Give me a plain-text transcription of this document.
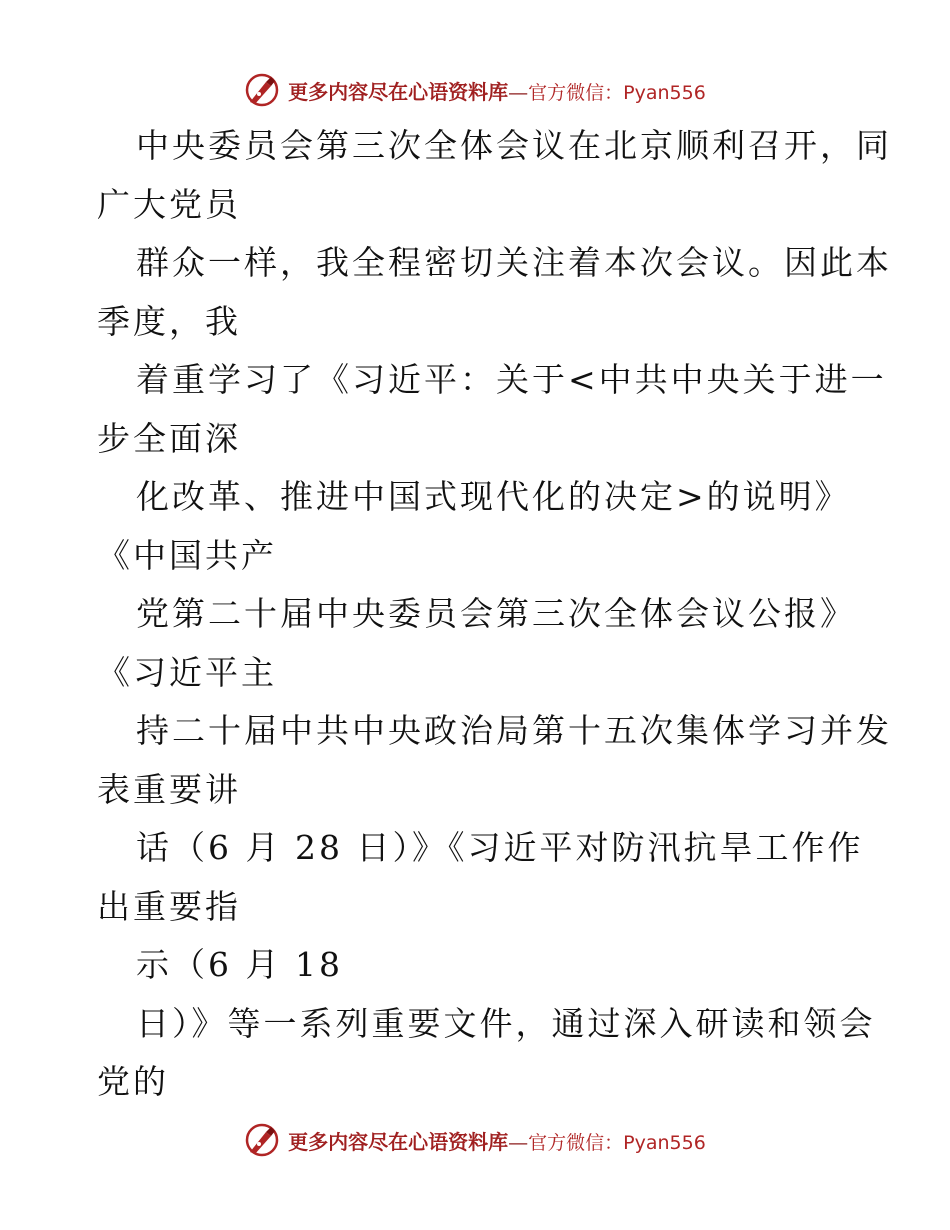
更多内容尽在心语资料库 — 官方微信：Pyan556
中央委员会第三次全体会议在北京顺利召开，同
广大党员
群众一样，我全程密切关注着本次会议。因此本
季度，我
着重学习了《习近平：关于<中共中央关于进一
步全面深
化改革、推进中国式现代化的决定>的说明》
《中国共产
党第二十届中央委员会第三次全体会议公报》
《习近平主
持二十届中共中央政治局第十五次集体学习并发
表重要讲
话（6 月 28 日）》《习近平对防汛抗旱工作作
出重要指
示（6 月 18
日）》等一系列重要文件，通过深入研读和领会
党的
更多内容尽在心语资料库 — 官方微信：Pyan556
